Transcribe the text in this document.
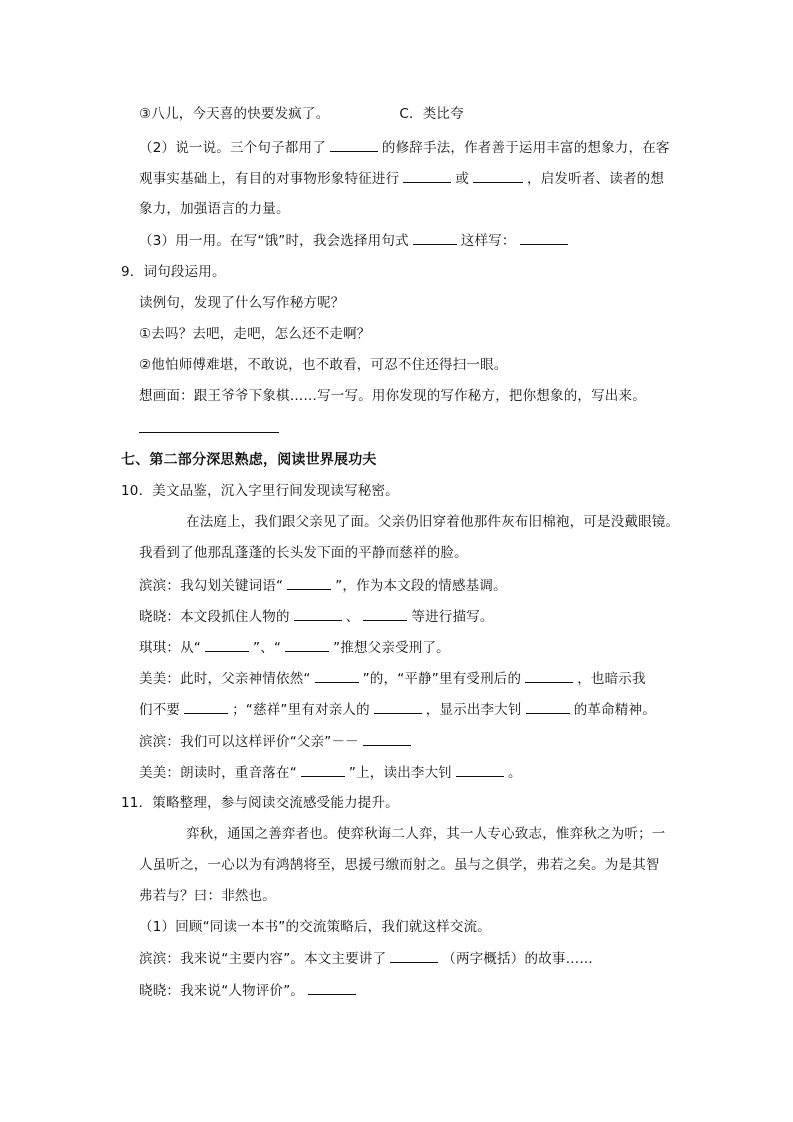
③八儿，今天喜的快要发疯了。	C．类比夸
（2）说一说。三个句子都用了	的修辞手法，作者善于运用丰富的想象力，在客
观事实基础上，有目的对事物形象特征进行	或	，启发听者、读者的想
象力，加强语言的力量。
（3）用一用。在写“饿”时，我会选择用句式	这样写：
9．词句段运用。
读例句，发现了什么写作秘方呢？
①去吗？去吧，走吧，怎么还不走啊？
②他怕师傅难堪，不敢说，也不敢看，可忍不住还得扫一眼。
想画面：跟王爷爷下象棋……写一写。用你发现的写作秘方，把你想象的，写出来。
七、第二部分深思熟虑，阅读世界展功夫
10．美文品鉴，沉入字里行间发现读写秘密。
在法庭上，我们跟父亲见了面。父亲仍旧穿着他那件灰布旧棉袍，可是没戴眼镜。
我看到了他那乱蓬蓬的长头发下面的平静而慈祥的脸。
滨滨：我勾划关键词语“	”，作为本文段的情感基调。
晓晓：本文段抓住人物的	、	等进行描写。
琪琪：从“	”、“	”推想父亲受刑了。
美美：此时，父亲神情依然“	”的，“平静”里有受刑后的	，也暗示我
们不要	；“慈祥”里有对亲人的	，显示出李大钊	的革命精神。
滨滨：我们可以这样评价“父亲”－－
美美：朗读时，重音落在“	”上，读出李大钊	。
11．策略整理，参与阅读交流感受能力提升。
弈秋，通国之善弈者也。使弈秋诲二人弈，其一人专心致志，惟弈秋之为听；一
人虽听之，一心以为有鸿鹄将至，思援弓缴而射之。虽与之俱学，弗若之矣。为是其智
弗若与？曰：非然也。
（1）回顾“同读一本书”的交流策略后，我们就这样交流。
滨滨：我来说“主要内容”。本文主要讲了	（两字概括）的故事……
晓晓：我来说“人物评价”。
